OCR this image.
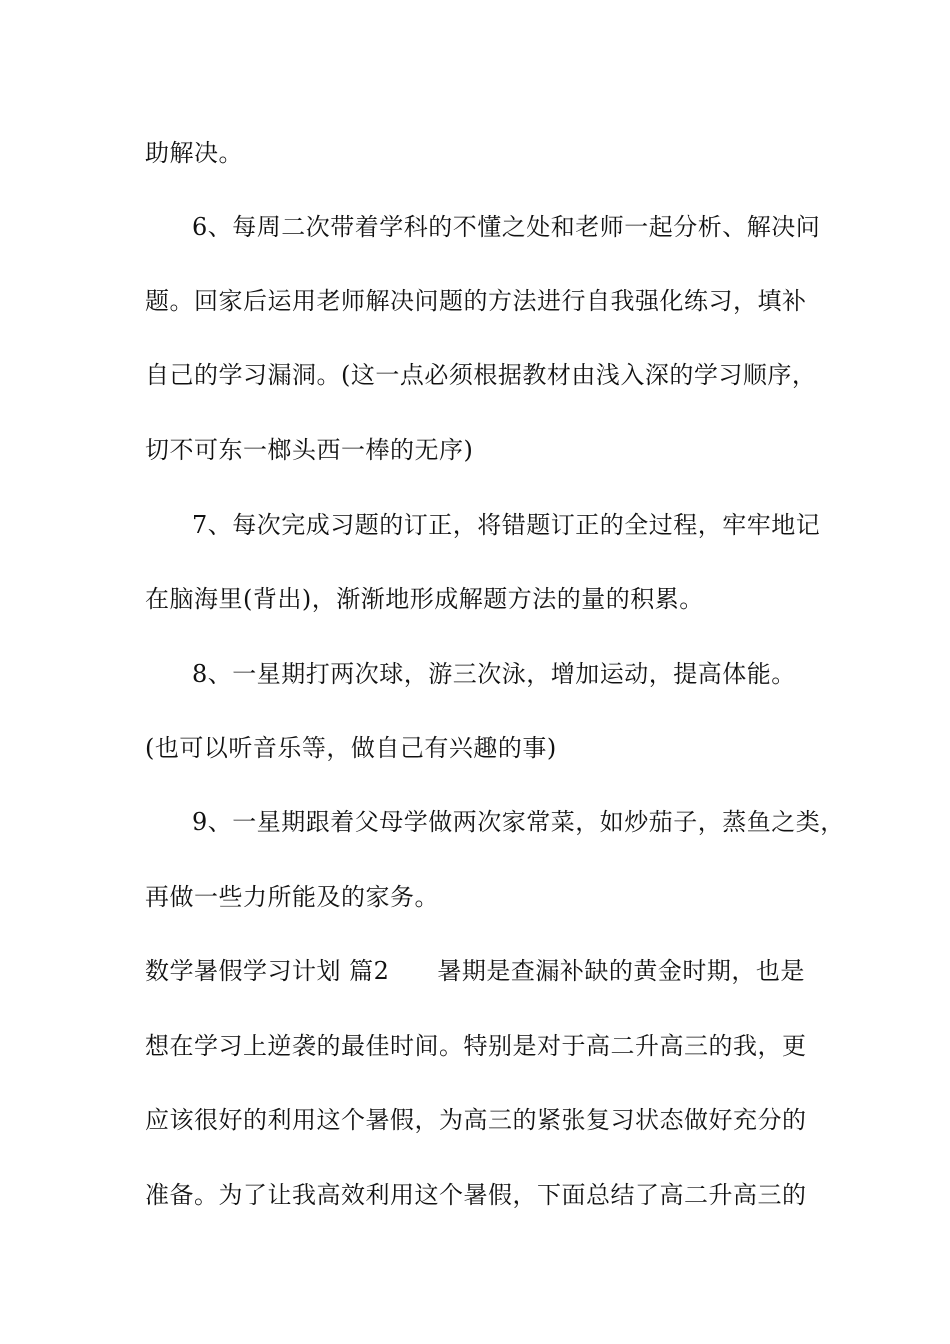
助解决。
6、每周二次带着学科的不懂之处和老师一起分析、解决问
题。回家后运用老师解决问题的方法进行自我强化练习，填补
自己的学习漏洞。(这一点必须根据教材由浅入深的学习顺序，
切不可东一榔头西一棒的无序)
7、每次完成习题的订正，将错题订正的全过程，牢牢地记
在脑海里(背出)，渐渐地形成解题方法的量的积累。
8、一星期打两次球，游三次泳，增加运动，提高体能。
(也可以听音乐等，做自己有兴趣的事)
9、一星期跟着父母学做两次家常菜，如炒茄子，蒸鱼之类，
再做一些力所能及的家务。
数学暑假学习计划 篇2 暑期是查漏补缺的黄金时期，也是
想在学习上逆袭的最佳时间。特别是对于高二升高三的我，更
应该很好的利用这个暑假，为高三的紧张复习状态做好充分的
准备。为了让我高效利用这个暑假，下面总结了高二升高三的
